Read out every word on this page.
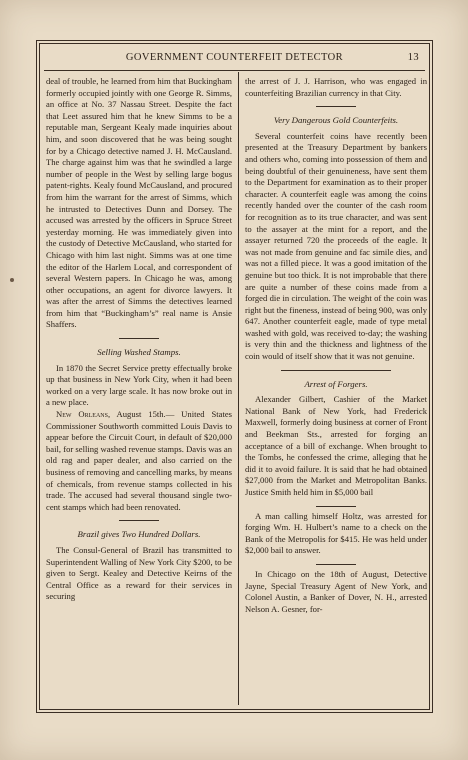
GOVERNMENT COUNTERFEIT DETECTOR	13

deal of trouble, he learned from him that Buckingham formerly occupied jointly with one George R. Simms, an office at No. 37 Nassau Street. Despite the fact that Leet assured him that he knew Simms to be a reputable man, Sergeant Kealy made inquiries about him, and soon discovered that he was being sought for by a Chicago detective named J. H. McCausland. The charge against him was that he swindled a large number of people in the West by selling large bogus patent-rights. Kealy found McCausland, and procured from him the warrant for the arrest of Simms, which he intrusted to Detectives Dunn and Dorsey. The accused was arrested by the officers in Spruce Street yesterday morning. He was immediately given into the custody of Detective McCausland, who started for Chicago with him last night. Simms was at one time the editor of the Harlem Local, and correspondent of several Western papers. In Chicago he was, among other occupations, an agent for divorce lawyers. It was after the arrest of Simms the detectives learned from him that “Buckingham’s” real name is Ansie Shaffers.

Selling Washed Stamps.

In 1870 the Secret Service pretty effectually broke up that business in New York City, when it had been worked on a very large scale. It has now broke out in a new place.

New Orleans, August 15th.— United States Commissioner Southworth committed Louis Davis to appear before the Circuit Court, in default of $20,000 bail, for selling washed revenue stamps. Davis was an old rag and paper dealer, and also carried on the business of removing and cancelling marks, by means of chemicals, from revenue stamps collected in his trade. The accused had several thousand single two-cent stamps which had been renovated.

Brazil gives Two Hundred Dollars.

The Consul-General of Brazil has transmitted to Superintendent Walling of New York City $200, to be given to Sergt. Kealey and Detective Keirns of the Central Office as a reward for their services in securing

the arrest of J. J. Harrison, who was engaged in counterfeiting Brazilian currency in that City.

Very Dangerous Gold Counterfeits.

Several counterfeit coins have recently been presented at the Treasury Department by bankers and others who, coming into possession of them and being doubtful of their genuineness, have sent them to the Department for examination as to their proper character. A counterfeit eagle was among the coins recently handed over the counter of the cash room for recognition as to its true character, and was sent to the assayer at the mint for a report, and the assayer returned 720 the proceeds of the eagle. It was not made from genuine and fac simile dies, and was not a filled piece. It was a good imitation of the genuine but too thick. It is not improbable that there are quite a number of these coins made from a forged die in circulation. The weight of the coin was right but the fineness, instead of being 900, was only 647. Another counterfeit eagle, made of type metal washed with gold, was received to-day; the washing is very thin and the thickness and lightness of the coin would of itself show that it was not genuine.

Arrest of Forgers.

Alexander Gilbert, Cashier of the Market National Bank of New York, had Frederick Maxwell, formerly doing business at corner of Front and Beekman Sts., arrested for forging an acceptance of a bill of exchange. When brought to the Tombs, he confessed the crime, alleging that he did it to avoid failure. It is said that he had obtained $27,000 from the Market and Metropolitan Banks. Justice Smith held him in $5,000 bail

A man calling himself Holtz, was arrested for forging Wm. H. Hulbert’s name to a check on the Bank of the Metropolis for $415. He was held under $2,000 bail to answer.

In Chicago on the 18th of August, Detective Jayne, Special Treasury Agent of New York, and Colonel Austin, a Banker of Dover, N. H., arrested Nelson A. Gesner, for-
